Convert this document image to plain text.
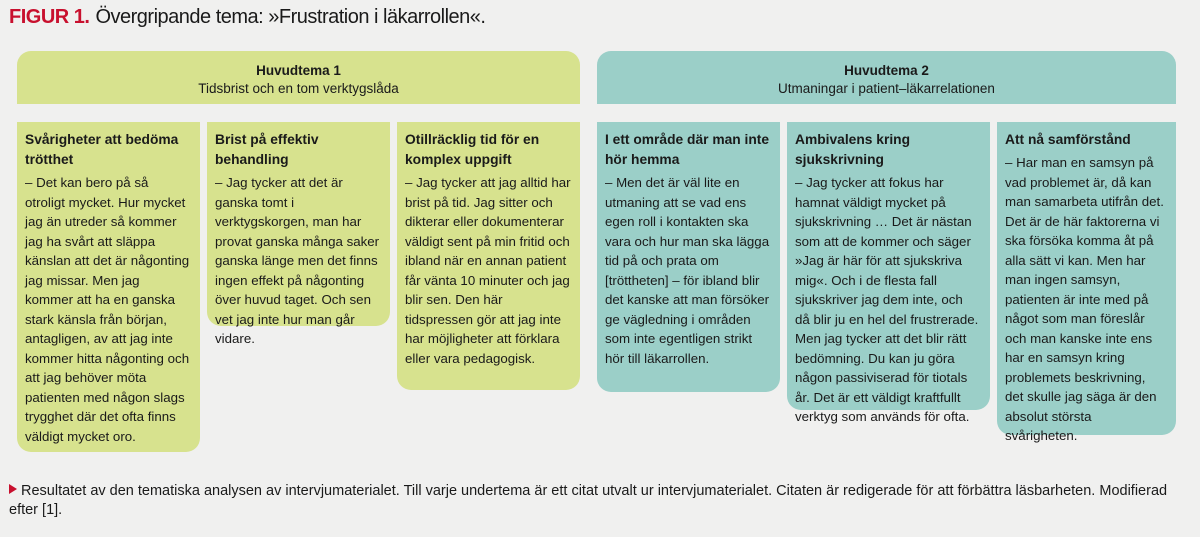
FIGUR 1. Övergripande tema: »Frustration i läkarrollen«.
Huvudtema 1
Tidsbrist och en tom verktygslåda
Huvudtema 2
Utmaningar i patient–läkarrelationen
Svårigheter att bedöma trötthet

– Det kan bero på så otroligt mycket. Hur mycket jag än utreder så kommer jag ha svårt att släppa känslan att det är någonting jag missar. Men jag kommer att ha en ganska stark känsla från början, antagligen, av att jag inte kommer hitta någonting och att jag behöver möta patienten med någon slags trygghet där det ofta finns väldigt mycket oro.

Brist på effektiv behandling

– Jag tycker att det är ganska tomt i verktygskorgen, man har provat ganska många saker ganska länge men det finns ingen effekt på någonting över huvud taget. Och sen vet jag inte hur man går vidare.

Otillräcklig tid för en komplex uppgift

– Jag tycker att jag alltid har brist på tid. Jag sitter och dikterar eller dokumenterar väldigt sent på min fritid och ibland när en annan patient får vänta 10 minuter och jag blir sen. Den här tidspressen gör att jag inte har möjligheter att förklara eller vara pedagogisk.

I ett område där man inte hör hemma

– Men det är väl lite en utmaning att se vad ens egen roll i kontakten ska vara och hur man ska lägga tid på och prata om [tröttheten] – för ibland blir det kanske att man försöker ge vägledning i områden som inte egentligen strikt hör till läkarrollen.

Ambivalens kring sjukskrivning

– Jag tycker att fokus har hamnat väldigt mycket på sjukskrivning … Det är nästan som att de kommer och säger »Jag är här för att sjukskriva mig«. Och i de flesta fall sjukskriver jag dem inte, och då blir ju en hel del frustrerade. Men jag tycker att det blir rätt bedömning. Du kan ju göra någon passiviserad för tiotals år. Det är ett väldigt kraftfullt verktyg som används för ofta.

Att nå samförstånd

– Har man en samsyn på vad problemet är, då kan man samarbeta utifrån det. Det är de här faktorerna vi ska försöka komma åt på alla sätt vi kan. Men har man ingen samsyn, patienten är inte med på något som man föreslår och man kanske inte ens har en samsyn kring problemets beskrivning, det skulle jag säga är den absolut största svårigheten.

Resultatet av den tematiska analysen av intervjumaterialet. Till varje undertema är ett citat utvalt ur intervjumaterialet. Citaten är redigerade för att förbättra läsbarheten. Modifierad efter [1].
